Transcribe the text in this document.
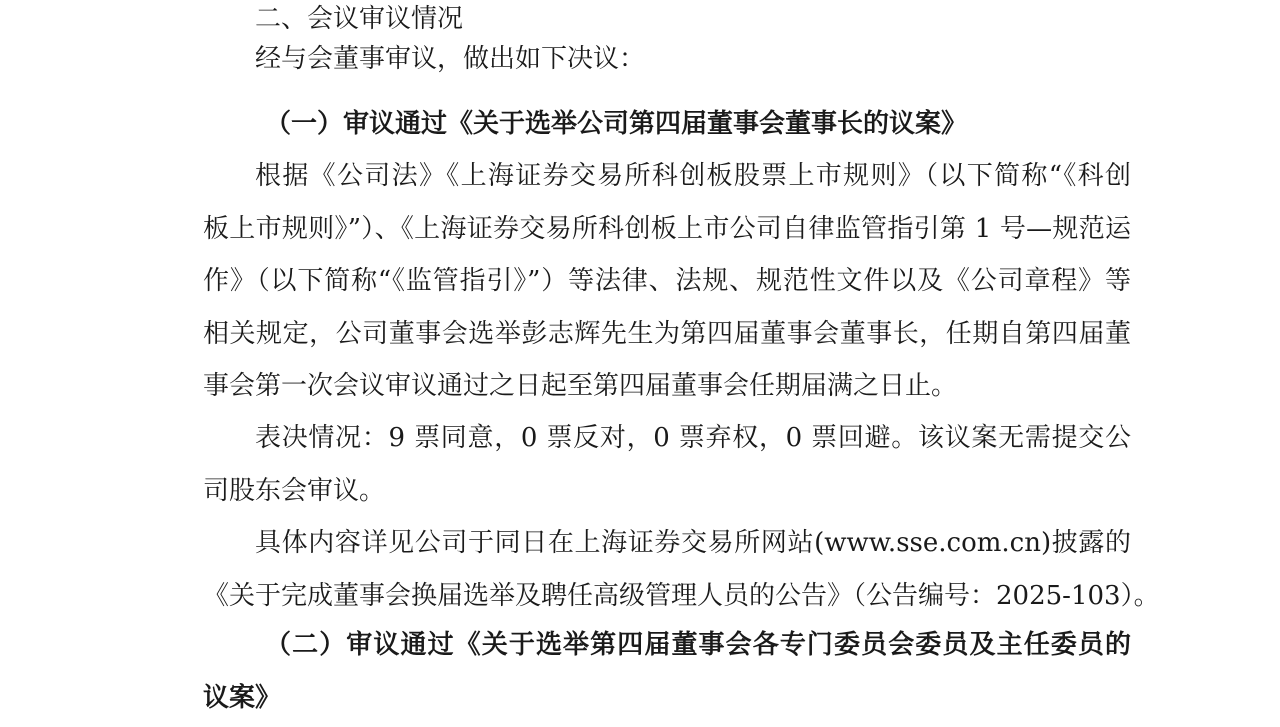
二、会议审议情况
经与会董事审议，做出如下决议：
（一）审议通过《关于选举公司第四届董事会董事长的议案》
根据《公司法》《上海证券交易所科创板股票上市规则》（以下简称“《科创
板上市规则》”）、《上海证券交易所科创板上市公司自律监管指引第 1 号—规范运
作》（以下简称“《监管指引》”）等法律、法规、规范性文件以及《公司章程》等
相关规定，公司董事会选举彭志辉先生为第四届董事会董事长，任期自第四届董
事会第一次会议审议通过之日起至第四届董事会任期届满之日止。
表决情况：9 票同意，0 票反对，0 票弃权，0 票回避。该议案无需提交公
司股东会审议。
具体内容详见公司于同日在上海证券交易所网站(www.sse.com.cn)披露的
《关于完成董事会换届选举及聘任高级管理人员的公告》（公告编号：2025-103）。
（二）审议通过《关于选举第四届董事会各专门委员会委员及主任委员的
议案》
